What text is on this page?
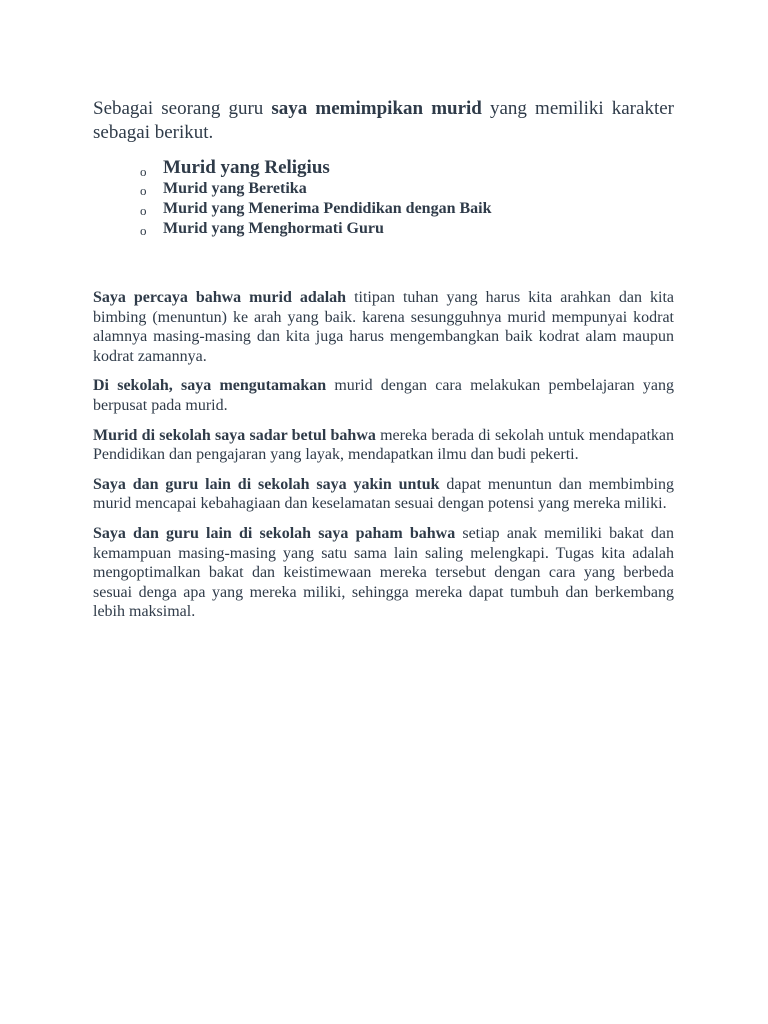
Sebagai seorang guru saya memimpikan murid yang memiliki karakter sebagai berikut.

o Murid yang Religius
o Murid yang Beretika
o Murid yang Menerima Pendidikan dengan Baik
o Murid yang Menghormati Guru

Saya percaya bahwa murid adalah titipan tuhan yang harus kita arahkan dan kita bimbing (menuntun) ke arah yang baik. karena sesungguhnya murid mempunyai kodrat alamnya masing-masing dan kita juga harus mengembangkan baik kodrat alam maupun kodrat zamannya.

Di sekolah, saya mengutamakan murid dengan cara melakukan pembelajaran yang berpusat pada murid.

Murid di sekolah saya sadar betul bahwa mereka berada di sekolah untuk mendapatkan Pendidikan dan pengajaran yang layak, mendapatkan ilmu dan budi pekerti.

Saya dan guru lain di sekolah saya yakin untuk dapat menuntun dan membimbing murid mencapai kebahagiaan dan keselamatan sesuai dengan potensi yang mereka miliki.

Saya dan guru lain di sekolah saya paham bahwa setiap anak memiliki bakat dan kemampuan masing-masing yang satu sama lain saling melengkapi. Tugas kita adalah mengoptimalkan bakat dan keistimewaan mereka tersebut dengan cara yang berbeda sesuai denga apa yang mereka miliki, sehingga mereka dapat tumbuh dan berkembang lebih maksimal.
